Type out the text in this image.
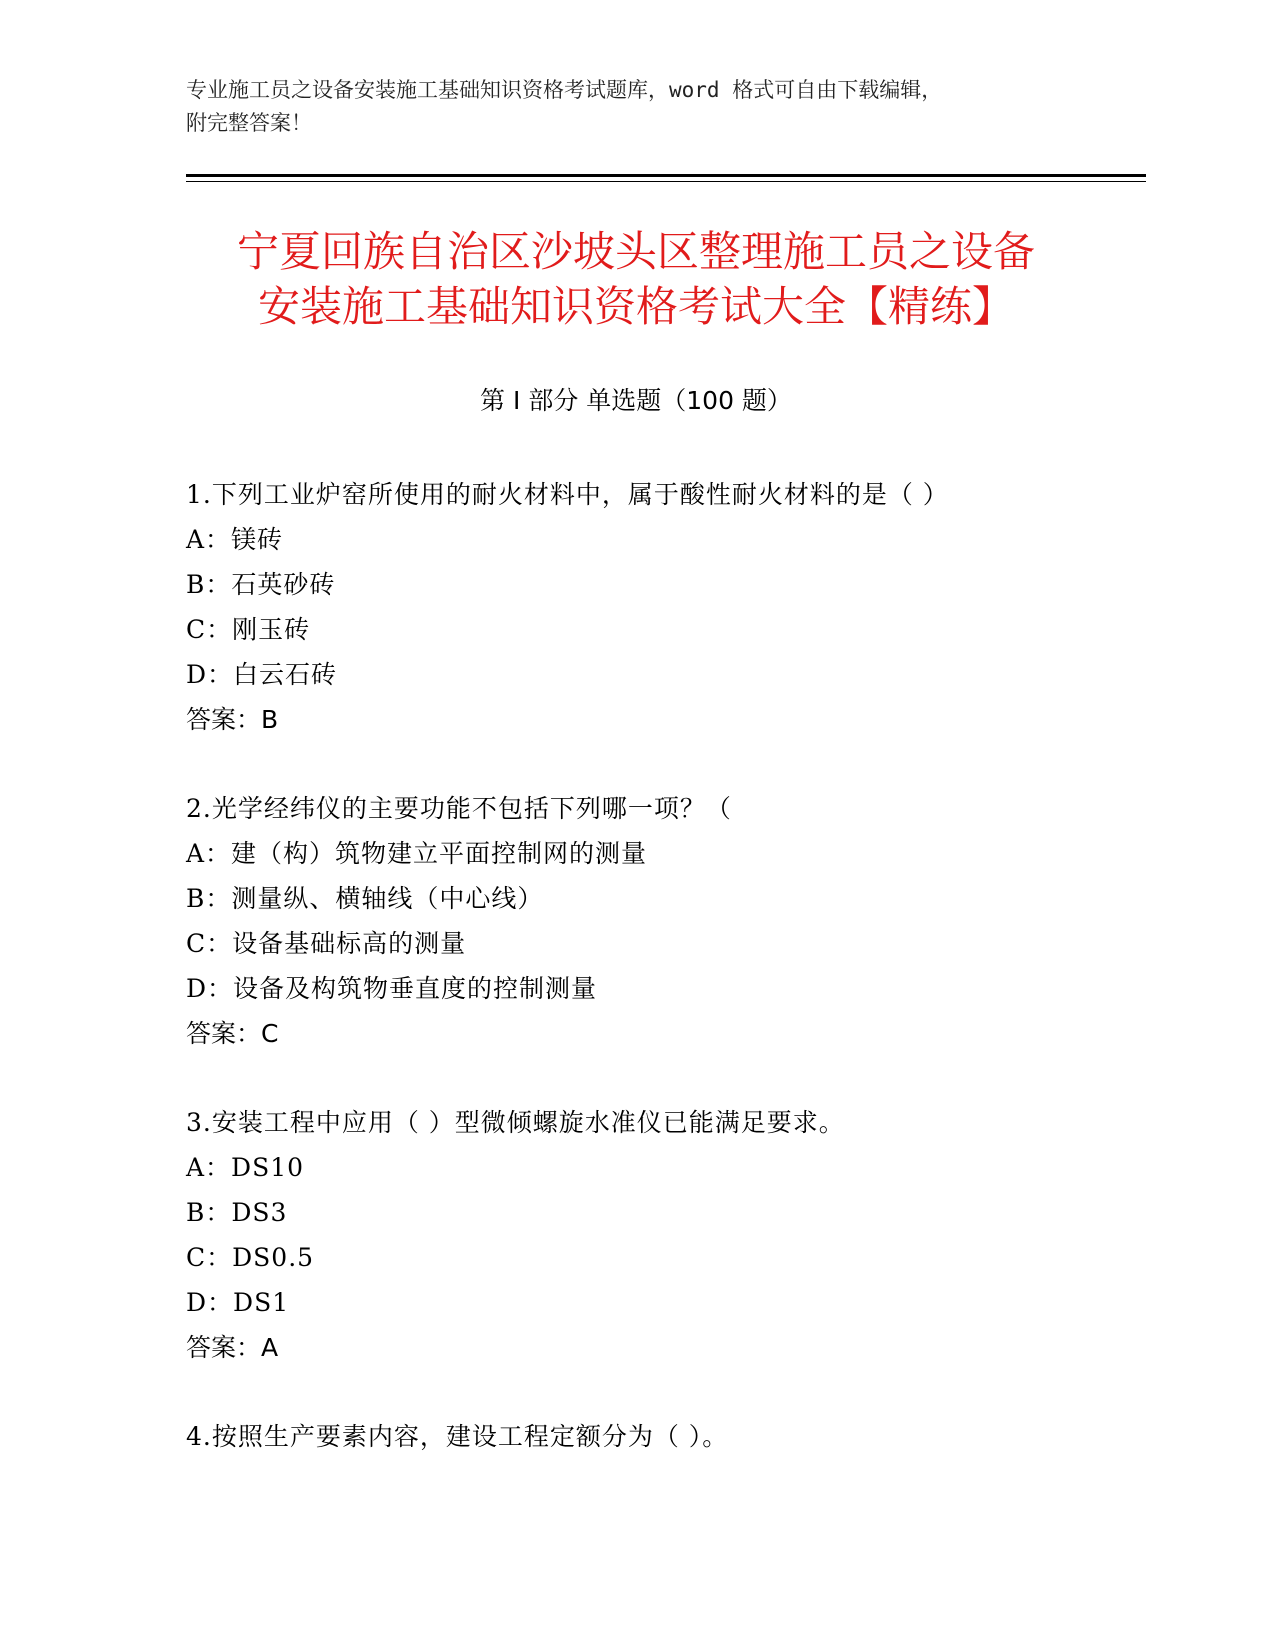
专业施工员之设备安装施工基础知识资格考试题库，word 格式可自由下载编辑，
附完整答案！
宁夏回族自治区沙坡头区整理施工员之设备
安装施工基础知识资格考试大全【精练】
第 I 部分 单选题（100 题）
1.下列工业炉窑所使用的耐火材料中，属于酸性耐火材料的是（ ）
A：镁砖
B：石英砂砖
C：刚玉砖
D：白云石砖
答案：B
2.光学经纬仪的主要功能不包括下列哪一项？（
A：建（构）筑物建立平面控制网的测量
B：测量纵、横轴线（中心线）
C：设备基础标高的测量
D：设备及构筑物垂直度的控制测量
答案：C
3.安装工程中应用（ ）型微倾螺旋水准仪已能满足要求。
A：DS10
B：DS3
C：DS0.5
D：DS1
答案：A
4.按照生产要素内容，建设工程定额分为（ ）。
